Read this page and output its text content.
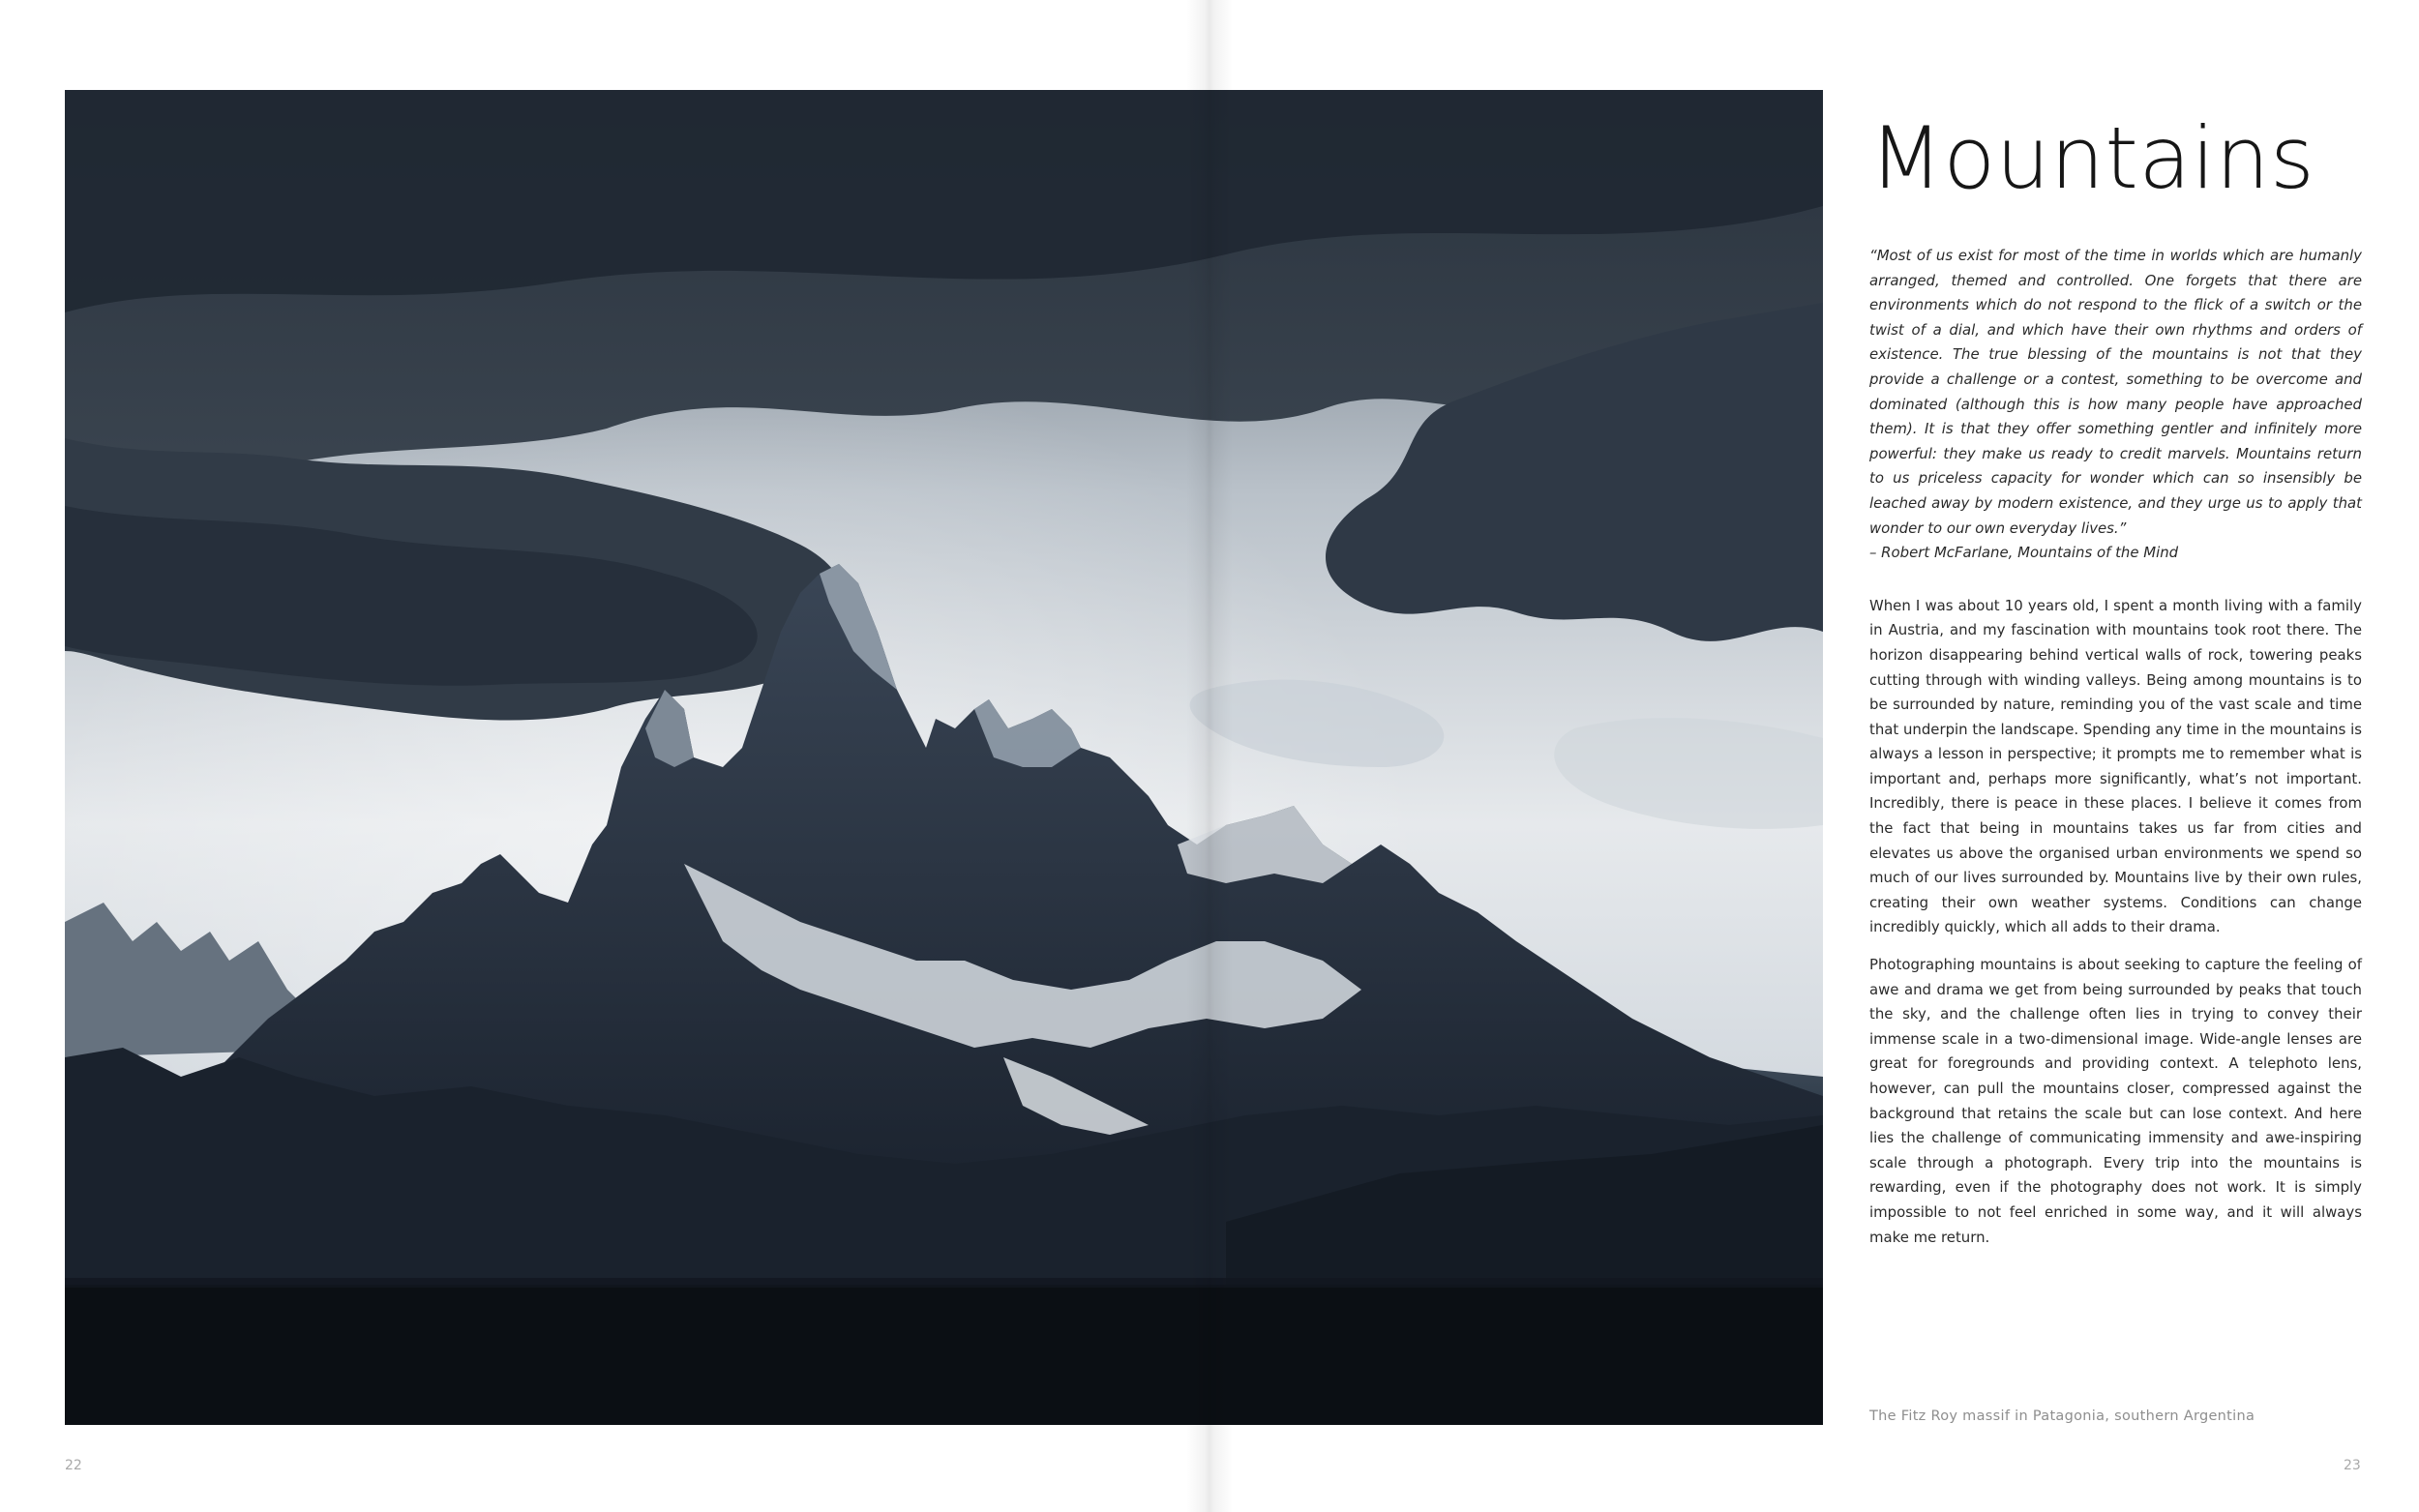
Mountains

“Most of us exist for most of the time in worlds which are humanly arranged, themed and controlled. One forgets that there are environments which do not respond to the flick of a switch or the twist of a dial, and which have their own rhythms and orders of existence. The true blessing of the mountains is not that they provide a challenge or a contest, something to be overcome and dominated (although this is how many people have approached them). It is that they offer something gentler and infinitely more powerful: they make us ready to credit marvels. Mountains return to us priceless capacity for wonder which can so insensibly be leached away by modern existence, and they urge us to apply that wonder to our own everyday lives.”

– Robert McFarlane, Mountains of the Mind

When I was about 10 years old, I spent a month living with a family in Austria, and my fascination with mountains took root there. The horizon disappearing behind vertical walls of rock, towering peaks cutting through with winding valleys. Being among mountains is to be surrounded by nature, reminding you of the vast scale and time that underpin the landscape. Spending any time in the mountains is always a lesson in perspective; it prompts me to remember what is important and, perhaps more significantly, what’s not important. Incredibly, there is peace in these places. I believe it comes from the fact that being in mountains takes us far from cities and elevates us above the organised urban environments we spend so much of our lives surrounded by. Mountains live by their own rules, creating their own weather systems. Conditions can change incredibly quickly, which all adds to their drama.

Photographing mountains is about seeking to capture the feeling of awe and drama we get from being surrounded by peaks that touch the sky, and the challenge often lies in trying to convey their immense scale in a two-dimensional image. Wide-angle lenses are great for foregrounds and providing context. A telephoto lens, however, can pull the mountains closer, compressed against the background that retains the scale but can lose context. And here lies the challenge of communicating immensity and awe-inspiring scale through a photograph. Every trip into the mountains is rewarding, even if the photography does not work. It is simply impossible to not feel enriched in some way, and it will always make me return.

The Fitz Roy massif in Patagonia, southern Argentina
22	23
